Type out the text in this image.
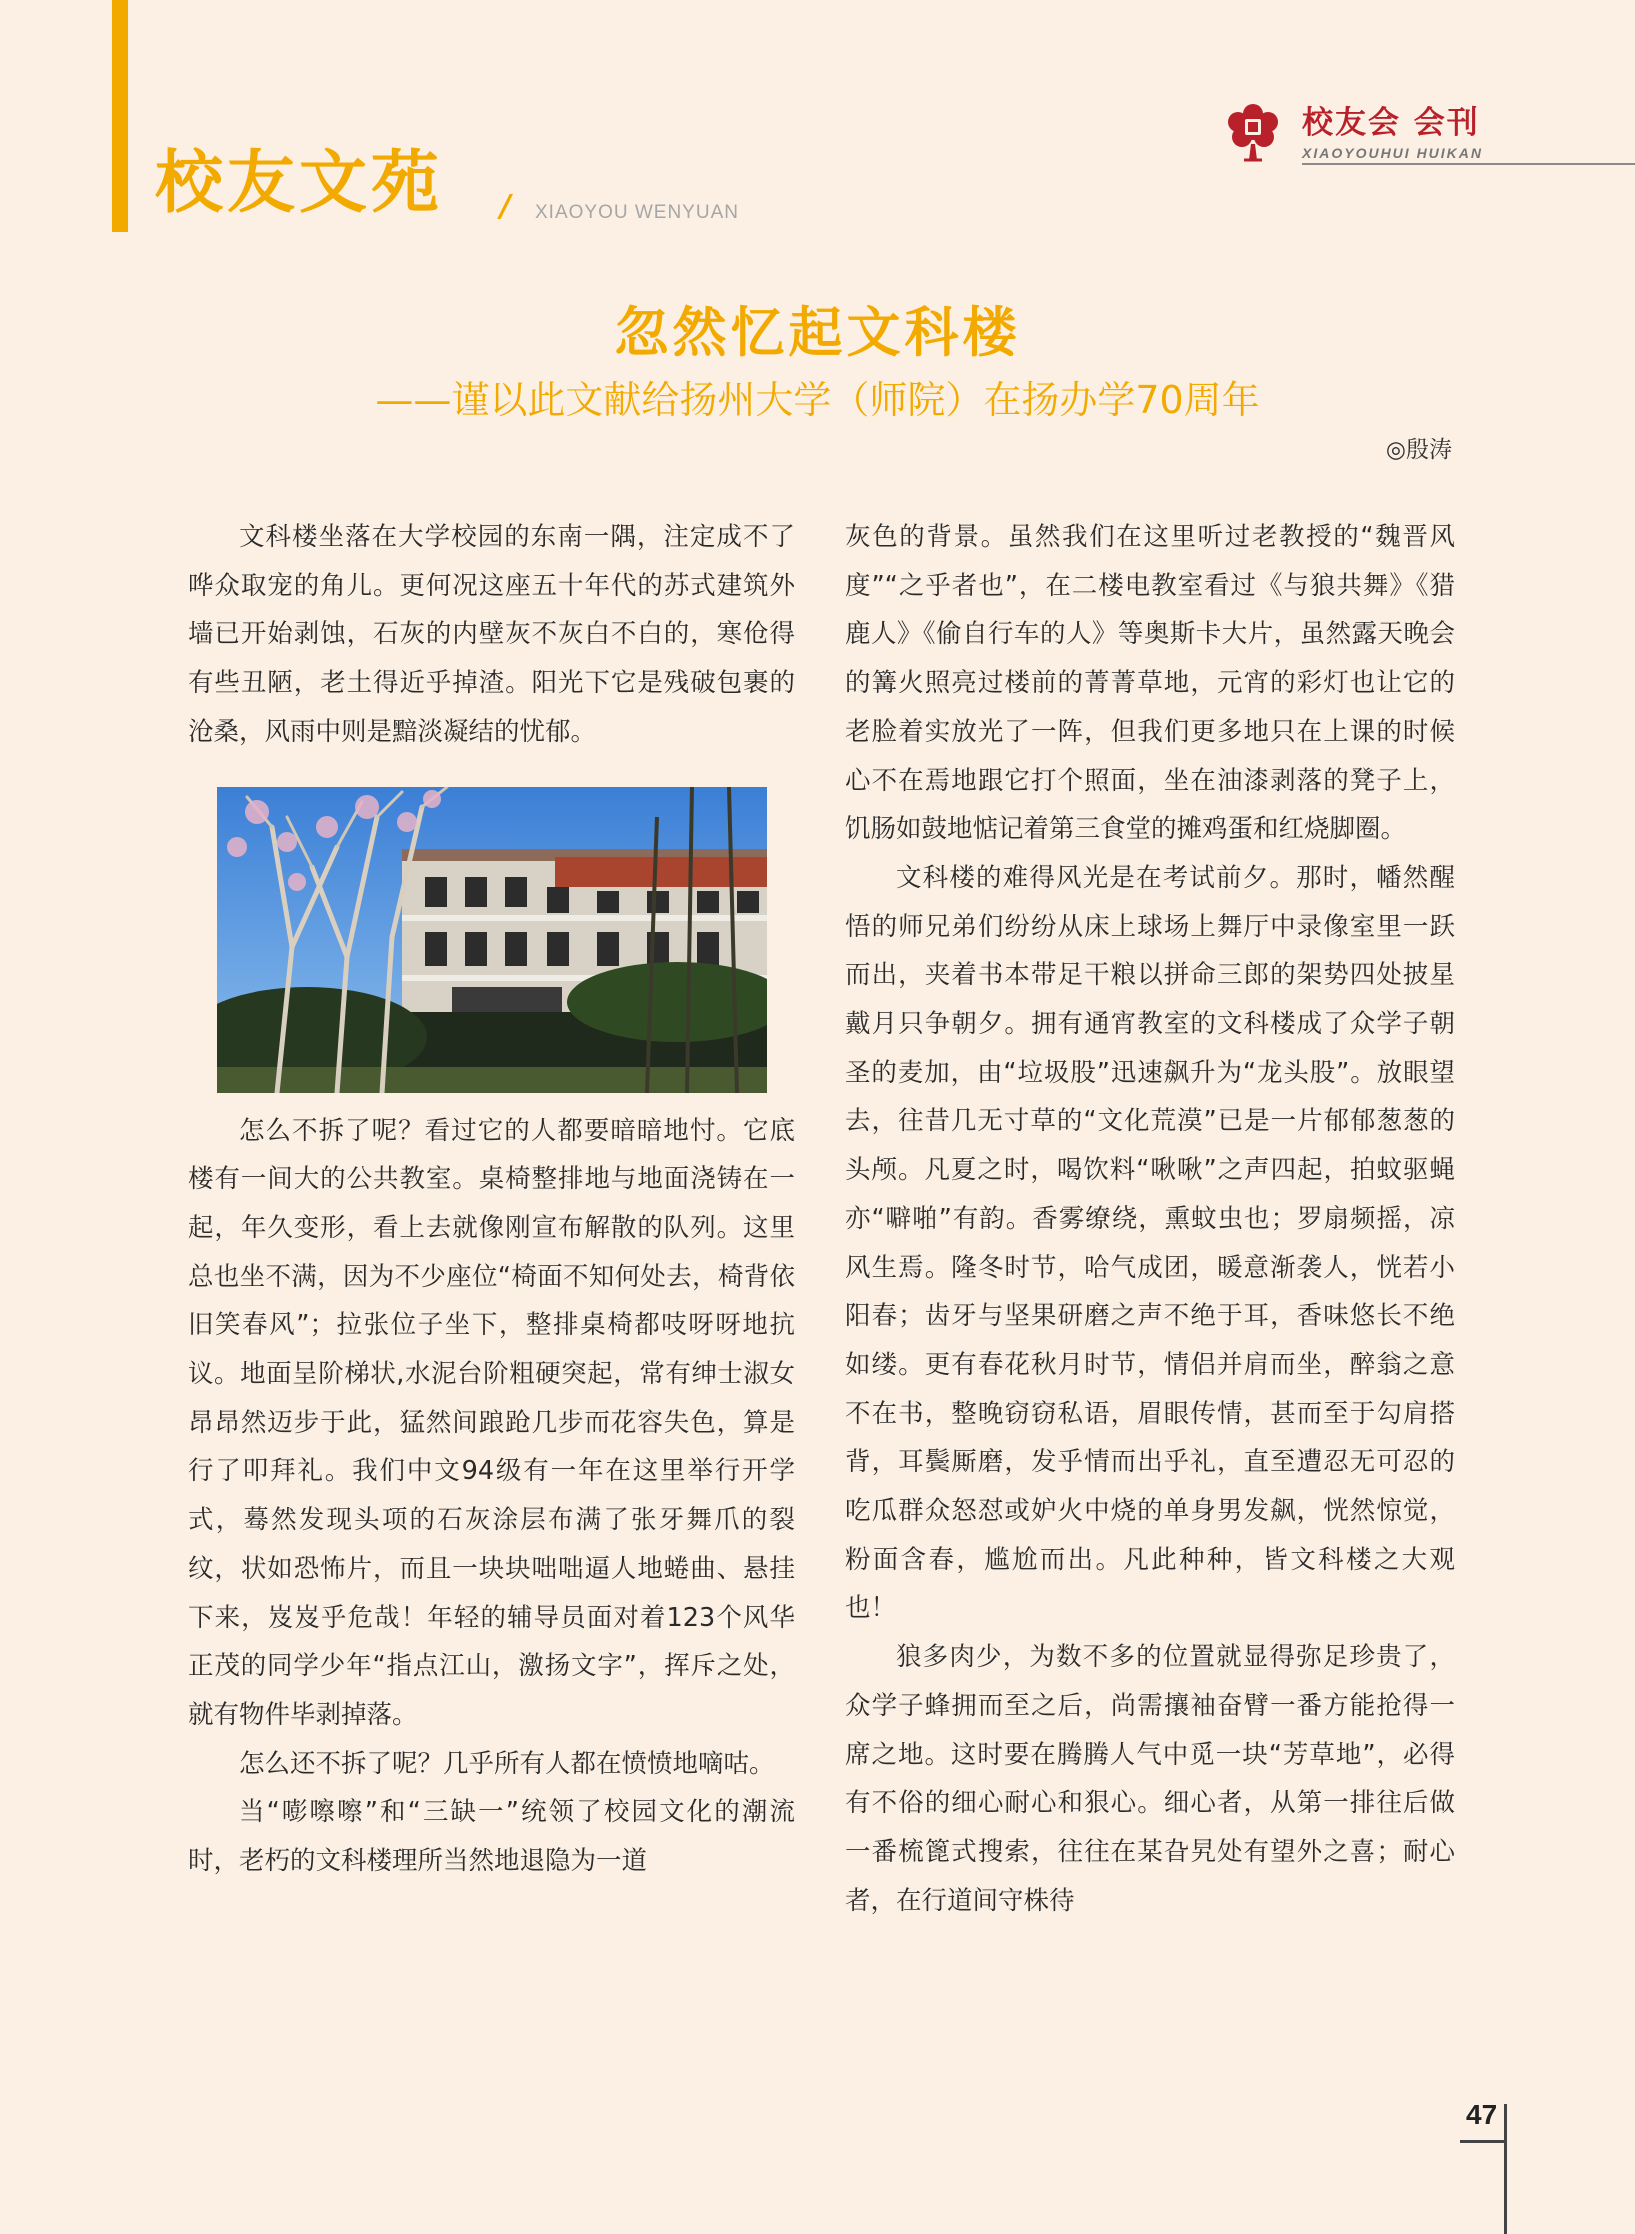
校友文苑 / XIAOYOU WENYUAN
校友会 会刊
XIAOYOUHUI HUIKAN
忽然忆起文科楼
——谨以此文献给扬州大学（师院）在扬办学70周年
◎殷涛

文科楼坐落在大学校园的东南一隅，注定成不了哗众取宠的角儿。更何况这座五十年代的苏式建筑外墙已开始剥蚀，石灰的内壁灰不灰白不白的，寒伧得有些丑陋，老土得近乎掉渣。阳光下它是残破包裹的沧桑，风雨中则是黯淡凝结的忧郁。

怎么不拆了呢？看过它的人都要暗暗地忖。它底楼有一间大的公共教室。桌椅整排地与地面浇铸在一起，年久变形，看上去就像刚宣布解散的队列。这里总也坐不满，因为不少座位“椅面不知何处去，椅背依旧笑春风”；拉张位子坐下，整排桌椅都吱呀呀地抗议。地面呈阶梯状,水泥台阶粗硬突起，常有绅士淑女昂昂然迈步于此，猛然间踉跄几步而花容失色，算是行了叩拜礼。我们中文94级有一年在这里举行开学式，蓦然发现头项的石灰涂层布满了张牙舞爪的裂纹，状如恐怖片，而且一块块咄咄逼人地蜷曲、悬挂下来，岌岌乎危哉！年轻的辅导员面对着123个风华正茂的同学少年“指点江山，激扬文字”，挥斥之处，就有物件毕剥掉落。

怎么还不拆了呢？几乎所有人都在愤愤地嘀咕。

当“嘭嚓嚓”和“三缺一”统领了校园文化的潮流时，老朽的文科楼理所当然地退隐为一道

灰色的背景。虽然我们在这里听过老教授的“魏晋风度”“之乎者也”，在二楼电教室看过《与狼共舞》《猎鹿人》《偷自行车的人》等奥斯卡大片，虽然露天晚会的篝火照亮过楼前的菁菁草地，元宵的彩灯也让它的老脸着实放光了一阵，但我们更多地只在上课的时候心不在焉地跟它打个照面，坐在油漆剥落的凳子上，饥肠如鼓地惦记着第三食堂的摊鸡蛋和红烧脚圈。

文科楼的难得风光是在考试前夕。那时，幡然醒悟的师兄弟们纷纷从床上球场上舞厅中录像室里一跃而出，夹着书本带足干粮以拼命三郎的架势四处披星戴月只争朝夕。拥有通宵教室的文科楼成了众学子朝圣的麦加，由“垃圾股”迅速飙升为“龙头股”。放眼望去，往昔几无寸草的“文化荒漠”已是一片郁郁葱葱的头颅。凡夏之时，喝饮料“啾啾”之声四起，拍蚊驱蝇亦“噼啪”有韵。香雾缭绕，熏蚊虫也；罗扇频摇，凉风生焉。隆冬时节，哈气成团，暖意渐袭人，恍若小阳春；齿牙与坚果研磨之声不绝于耳，香味悠长不绝如缕。更有春花秋月时节，情侣并肩而坐，醉翁之意不在书，整晚窃窃私语，眉眼传情，甚而至于勾肩搭背，耳鬓厮磨，发乎情而出乎礼，直至遭忍无可忍的吃瓜群众怒怼或妒火中烧的单身男发飙，恍然惊觉，粉面含春，尴尬而出。凡此种种，皆文科楼之大观也！

狼多肉少，为数不多的位置就显得弥足珍贵了，众学子蜂拥而至之后，尚需攘袖奋臂一番方能抢得一席之地。这时要在腾腾人气中觅一块“芳草地”，必得有不俗的细心耐心和狠心。细心者，从第一排往后做一番梳篦式搜索，往往在某旮旯处有望外之喜；耐心者，在行道间守株待

47
